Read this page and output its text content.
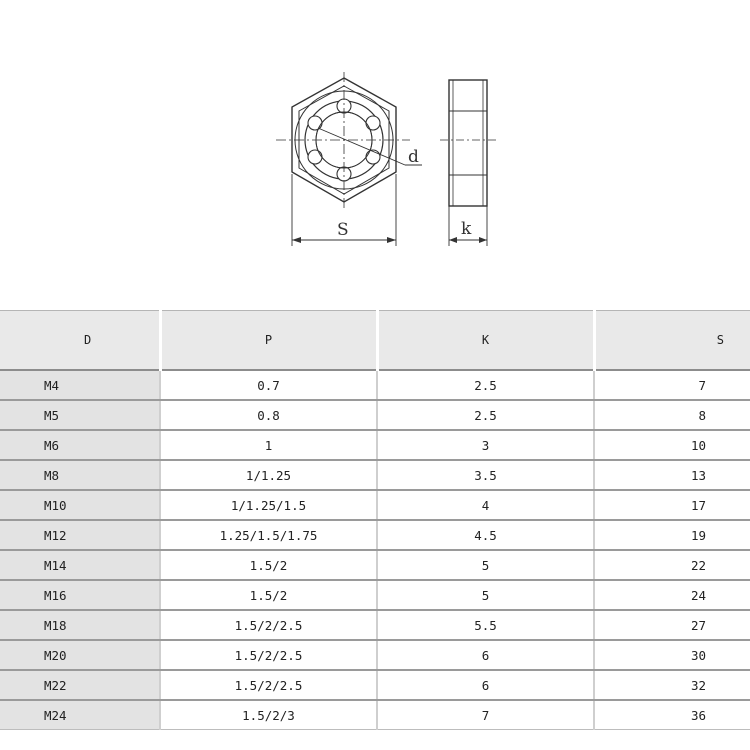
d
S	k
D	P	K	S
M4	0.7	2.5	7
M5	0.8	2.5	8
M6	1	3	10
M8	1/1.25	3.5	13
M10	1/1.25/1.5	4	17
M12	1.25/1.5/1.75	4.5	19
M14	1.5/2	5	22
M16	1.5/2	5	24
M18	1.5/2/2.5	5.5	27
M20	1.5/2/2.5	6	30
M22	1.5/2/2.5	6	32
M24	1.5/2/3	7	36
